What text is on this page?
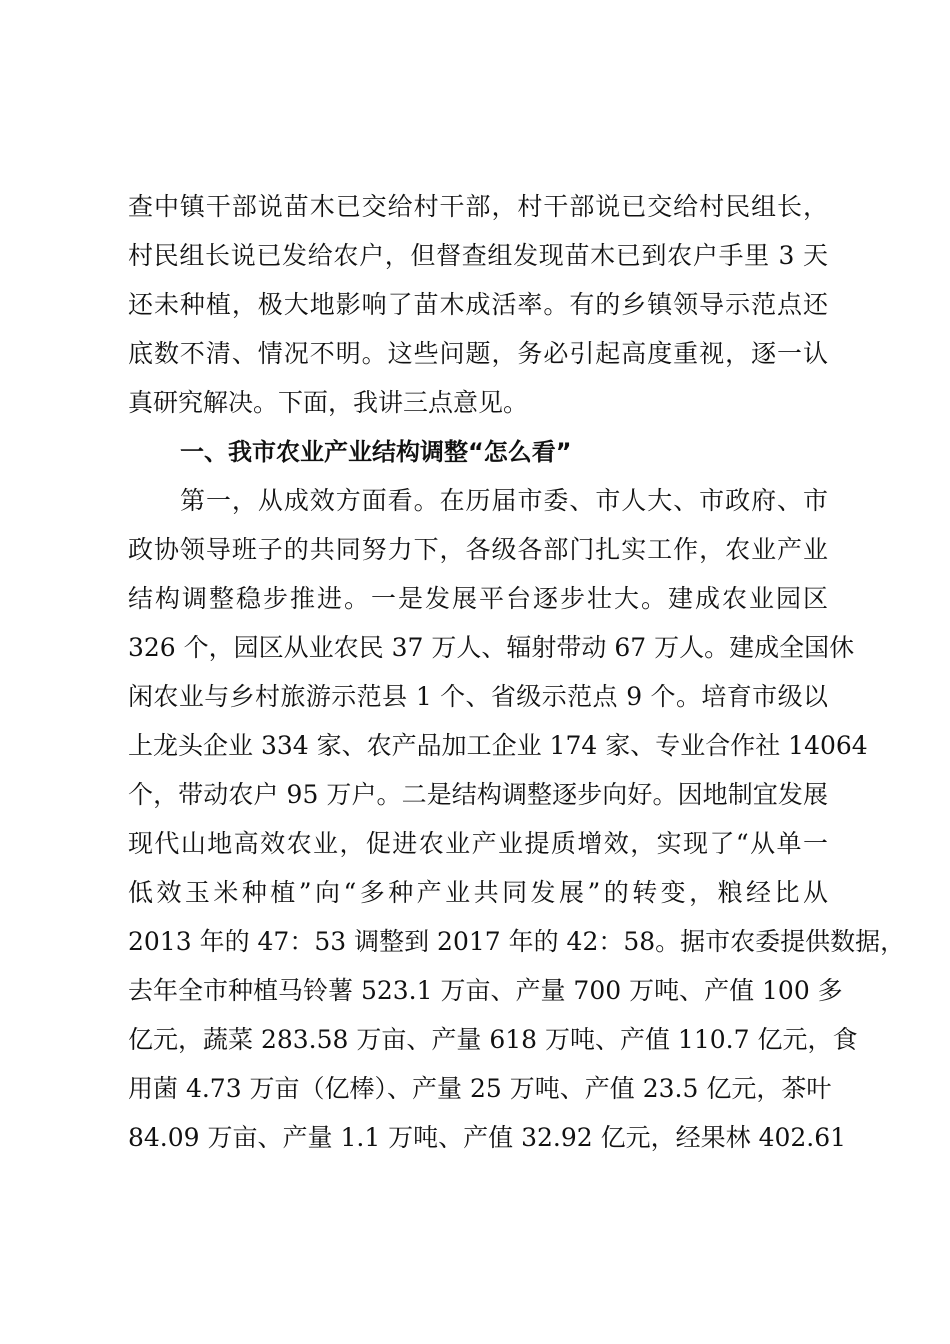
查中镇干部说苗木已交给村干部，村干部说已交给村民组长，
村民组长说已发给农户，但督查组发现苗木已到农户手里 3 天
还未种植，极大地影响了苗木成活率。有的乡镇领导示范点还
底数不清、情况不明。这些问题，务必引起高度重视，逐一认
真研究解决。下面，我讲三点意见。
一、我市农业产业结构调整“怎么看”
第一，从成效方面看。在历届市委、市人大、市政府、市
政协领导班子的共同努力下，各级各部门扎实工作，农业产业
结构调整稳步推进。一是发展平台逐步壮大。建成农业园区
326 个，园区从业农民 37 万人、辐射带动 67 万人。建成全国休
闲农业与乡村旅游示范县 1 个、省级示范点 9 个。培育市级以
上龙头企业 334 家、农产品加工企业 174 家、专业合作社 14064
个，带动农户 95 万户。二是结构调整逐步向好。因地制宜发展
现代山地高效农业，促进农业产业提质增效，实现了“从单一
低效玉米种植”向“多种产业共同发展”的转变，粮经比从
2013 年的 47：53 调整到 2017 年的 42：58。据市农委提供数据，
去年全市种植马铃薯 523.1 万亩、产量 700 万吨、产值 100 多
亿元，蔬菜 283.58 万亩、产量 618 万吨、产值 110.7 亿元，食
用菌 4.73 万亩（亿棒）、产量 25 万吨、产值 23.5 亿元，茶叶
84.09 万亩、产量 1.1 万吨、产值 32.92 亿元，经果林 402.61
